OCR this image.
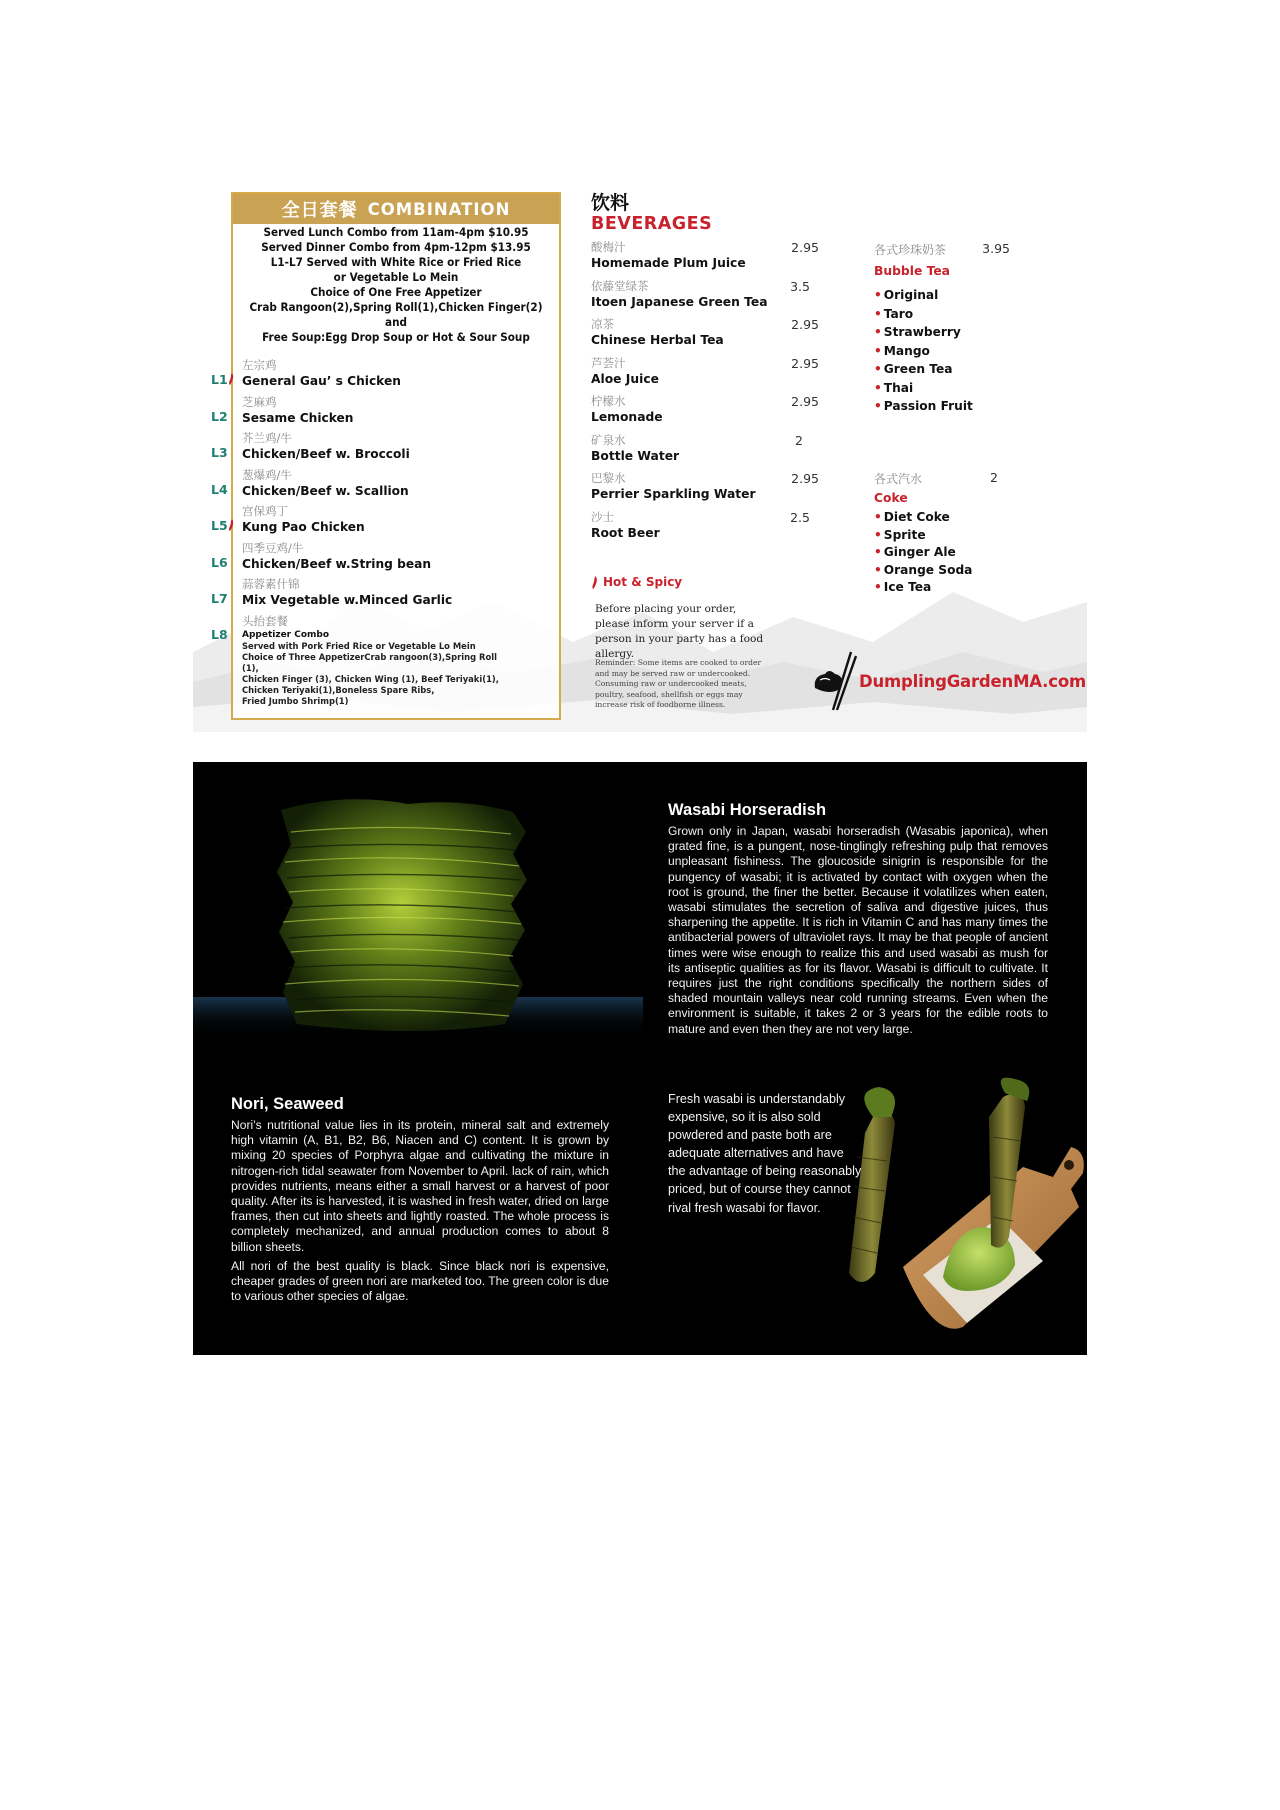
全日套餐 COMBINATION
Served Lunch Combo from 11am-4pm $10.95
Served Dinner Combo from 4pm-12pm $13.95
L1-L7 Served with White Rice or Fried Rice
or Vegetable Lo Mein
Choice of One Free Appetizer
Crab Rangoon(2),Spring Roll(1),Chicken Finger(2)
and
Free Soup:Egg Drop Soup or Hot & Sour Soup
左宗鸡
L1 General Gau’ s Chicken
芝麻鸡
L2 Sesame Chicken
芥兰鸡/牛
L3 Chicken/Beef w. Broccoli
葱爆鸡/牛
L4 Chicken/Beef w. Scallion
宫保鸡丁
L5 Kung Pao Chicken
四季豆鸡/牛
L6 Chicken/Beef w.String bean
蒜蓉素什锦
L7 Mix Vegetable w.Minced Garlic
头抬套餐
L8 Appetizer Combo
Served with Pork Fried Rice or Vegetable Lo Mein
Choice of Three AppetizerCrab rangoon(3),Spring Roll (1),
Chicken Finger (3), Chicken Wing (1), Beef Teriyaki(1),
Chicken Teriyaki(1),Boneless Spare Ribs,
Fried Jumbo Shrimp(1)
饮料
BEVERAGES
酸梅汁
Homemade Plum Juice
2.95
依藤堂绿茶
Itoen Japanese Green Tea
3.5
凉茶
Chinese Herbal Tea
2.95
芦荟汁
Aloe Juice
2.95
柠檬水
Lemonade
2.95
矿泉水
Bottle Water
2
巴黎水
Perrier Sparkling Water
2.95
沙士
Root Beer
2.5
Hot & Spicy
Before placing your order, please inform your server if a person in your party has a food allergy.
Reminder: Some items are cooked to order and may be served raw or undercooked. Consuming raw or undercooked meats, poultry, seafood, shellfish or eggs may increase risk of foodborne illness.
各式珍珠奶茶	3.95
Bubble Tea
• Original
• Taro
• Strawberry
• Mango
• Green Tea
• Thai
• Passion Fruit
各式汽水	2
Coke
• Diet Coke
• Sprite
• Ginger Ale
• Orange Soda
• Ice Tea
DumplingGardenMA.com
Nori, Seaweed

Nori’s nutritional value lies in its protein, mineral salt and extremely high vitamin (A, B1, B2, B6, Niacen and C) content. It is grown by mixing 20 species of Porphyra algae and cultivating the mixture in nitrogen-rich tidal seawater from November to April. lack of rain, which provides nutrients, means either a small harvest or a harvest of poor quality. After its is harvested, it is washed in fresh water, dried on large frames, then cut into sheets and lightly roasted. The whole process is completely mechanized, and annual production comes to about 8 billion sheets.

All nori of the best quality is black. Since black nori is expensive, cheaper grades of green nori are marketed too. The green color is due to various other species of algae.

Wasabi Horseradish

Grown only in Japan, wasabi horseradish (Wasabis japonica), when grated fine, is a pungent, nose-tinglingly refreshing pulp that removes unpleasant fishiness. The gloucoside sinigrin is responsible for the pungency of wasabi; it is activated by contact with oxygen when the root is ground, the finer the better. Because it volatilizes when eaten, wasabi stimulates the secretion of saliva and digestive juices, thus sharpening the appetite. It is rich in Vitamin C and has many times the antibacterial powers of ultraviolet rays. It may be that people of ancient times were wise enough to realize this and used wasabi as mush for its antiseptic qualities as for its flavor. Wasabi is difficult to cultivate. It requires just the right conditions specifically the northern sides of shaded mountain valleys near cold running streams. Even when the environment is suitable, it takes 2 or 3 years for the edible roots to mature and even then they are not very large.

Fresh wasabi is understandably expensive, so it is also sold powdered and paste both are adequate alternatives and have the advantage of being reasonably priced, but of course they cannot rival fresh wasabi for flavor.
